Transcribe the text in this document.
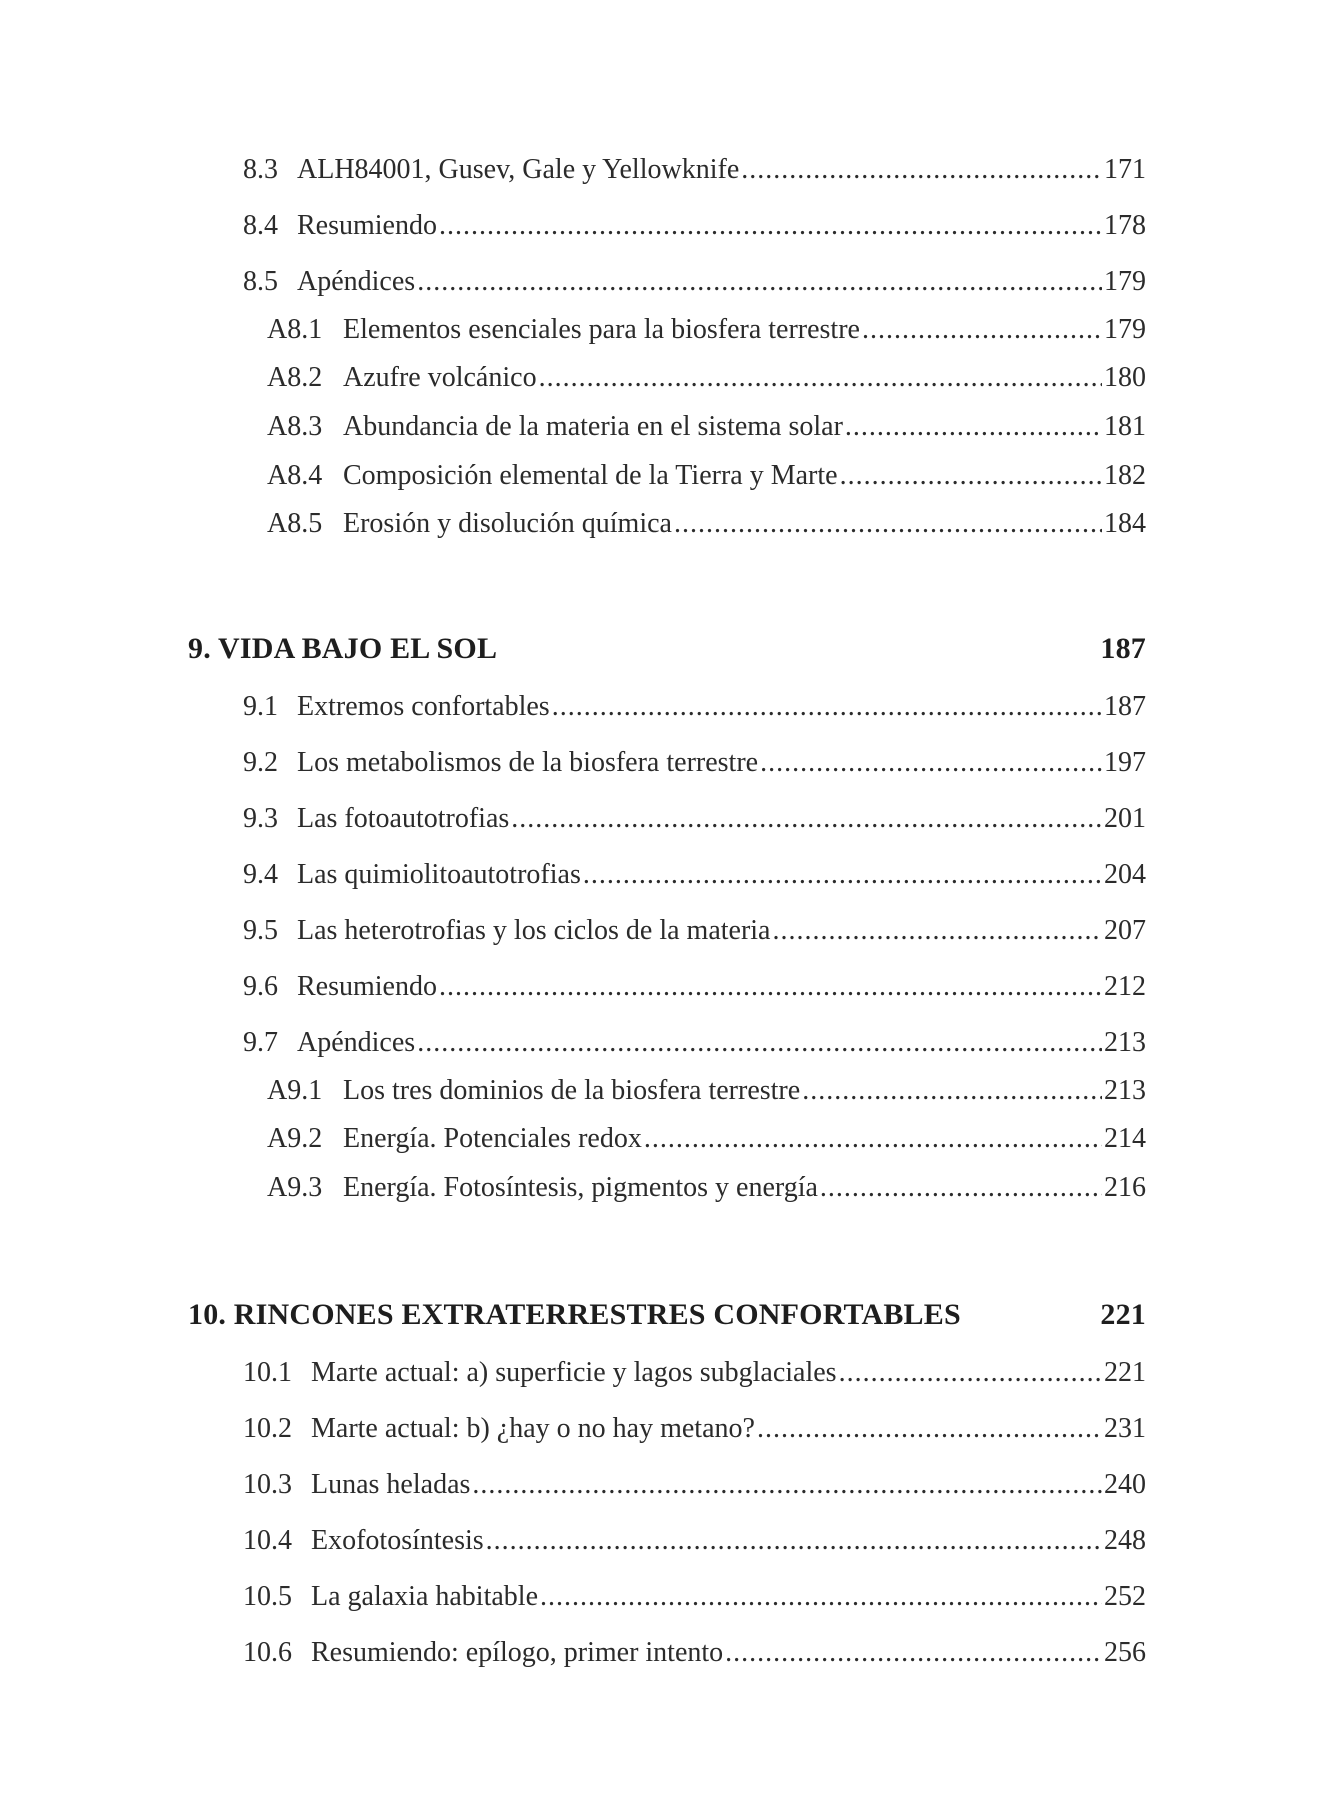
8.3 ALH84001, Gusev, Gale y Yellowknife .....	171
8.4 Resumiendo .....	178
8.5 Apéndices .....	179
A8.1 Elementos esenciales para la biosfera terrestre .....	179
A8.2 Azufre volcánico .....	180
A8.3 Abundancia de la materia en el sistema solar .....	181
A8.4 Composición elemental de la Tierra y Marte .....	182
A8.5 Erosión y disolución química .....	184
9. VIDA BAJO EL SOL	187
9.1 Extremos confortables .....	187
9.2 Los metabolismos de la biosfera terrestre .....	197
9.3 Las fotoautotrofias .....	201
9.4 Las quimiolitoautotrofias .....	204
9.5 Las heterotrofias y los ciclos de la materia .....	207
9.6 Resumiendo .....	212
9.7 Apéndices .....	213
A9.1 Los tres dominios de la biosfera terrestre .....	213
A9.2 Energía. Potenciales redox .....	214
A9.3 Energía. Fotosíntesis, pigmentos y energía .....	216
10. RINCONES EXTRATERRESTRES CONFORTABLES	221
10.1 Marte actual: a) superficie y lagos subglaciales .....	221
10.2 Marte actual: b) ¿hay o no hay metano? .....	231
10.3 Lunas heladas .....	240
10.4 Exofotosíntesis .....	248
10.5 La galaxia habitable .....	252
10.6 Resumiendo: epílogo, primer intento .....	256
